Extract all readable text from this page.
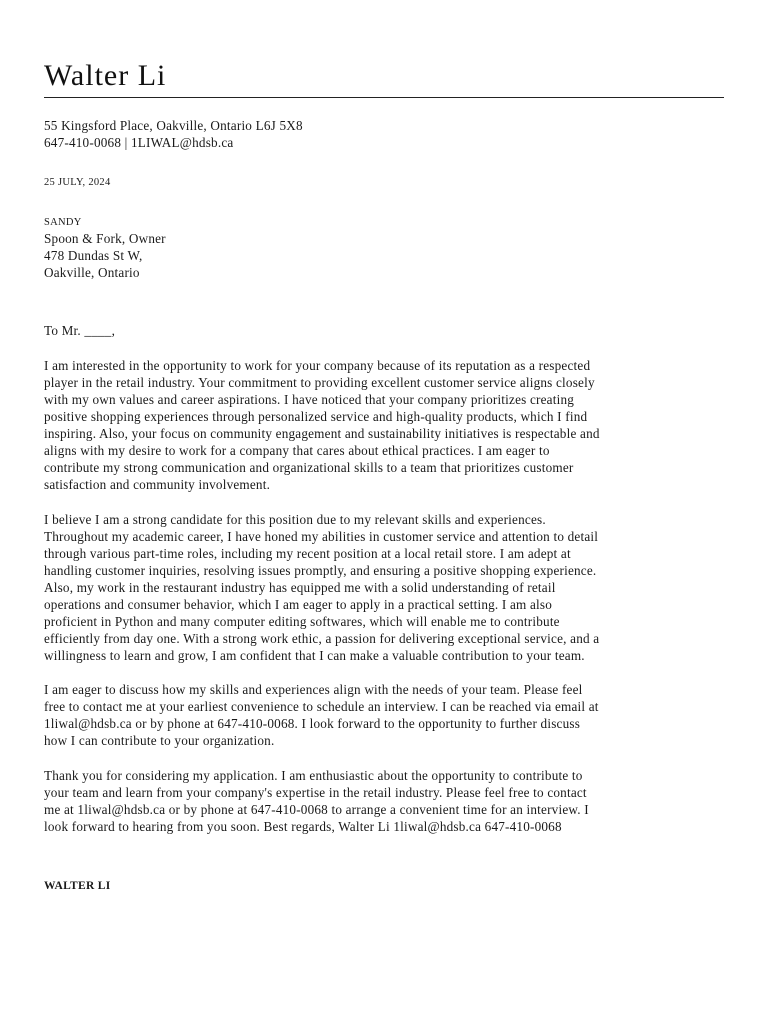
Walter Li
55 Kingsford Place, Oakville, Ontario L6J 5X8
647-410-0068 | 1LIWAL@hdsb.ca
25 JULY, 2024
SANDY
Spoon & Fork, Owner
478 Dundas St W,
Oakville, Ontario
To Mr. ____,
I am interested in the opportunity to work for your company because of its reputation as a respected
player in the retail industry. Your commitment to providing excellent customer service aligns closely
with my own values and career aspirations. I have noticed that your company prioritizes creating
positive shopping experiences through personalized service and high-quality products, which I find
inspiring. Also, your focus on community engagement and sustainability initiatives is respectable and
aligns with my desire to work for a company that cares about ethical practices. I am eager to
contribute my strong communication and organizational skills to a team that prioritizes customer
satisfaction and community involvement.
I believe I am a strong candidate for this position due to my relevant skills and experiences.
Throughout my academic career, I have honed my abilities in customer service and attention to detail
through various part-time roles, including my recent position at a local retail store. I am adept at
handling customer inquiries, resolving issues promptly, and ensuring a positive shopping experience.
Also, my work in the restaurant industry has equipped me with a solid understanding of retail
operations and consumer behavior, which I am eager to apply in a practical setting. I am also
proficient in Python and many computer editing softwares, which will enable me to contribute
efficiently from day one. With a strong work ethic, a passion for delivering exceptional service, and a
willingness to learn and grow, I am confident that I can make a valuable contribution to your team.
I am eager to discuss how my skills and experiences align with the needs of your team. Please feel
free to contact me at your earliest convenience to schedule an interview. I can be reached via email at
1liwal@hdsb.ca or by phone at 647-410-0068. I look forward to the opportunity to further discuss
how I can contribute to your organization.
Thank you for considering my application. I am enthusiastic about the opportunity to contribute to
your team and learn from your company's expertise in the retail industry. Please feel free to contact
me at 1liwal@hdsb.ca or by phone at 647-410-0068 to arrange a convenient time for an interview. I
look forward to hearing from you soon. Best regards, Walter Li 1liwal@hdsb.ca 647-410-0068
WALTER LI
